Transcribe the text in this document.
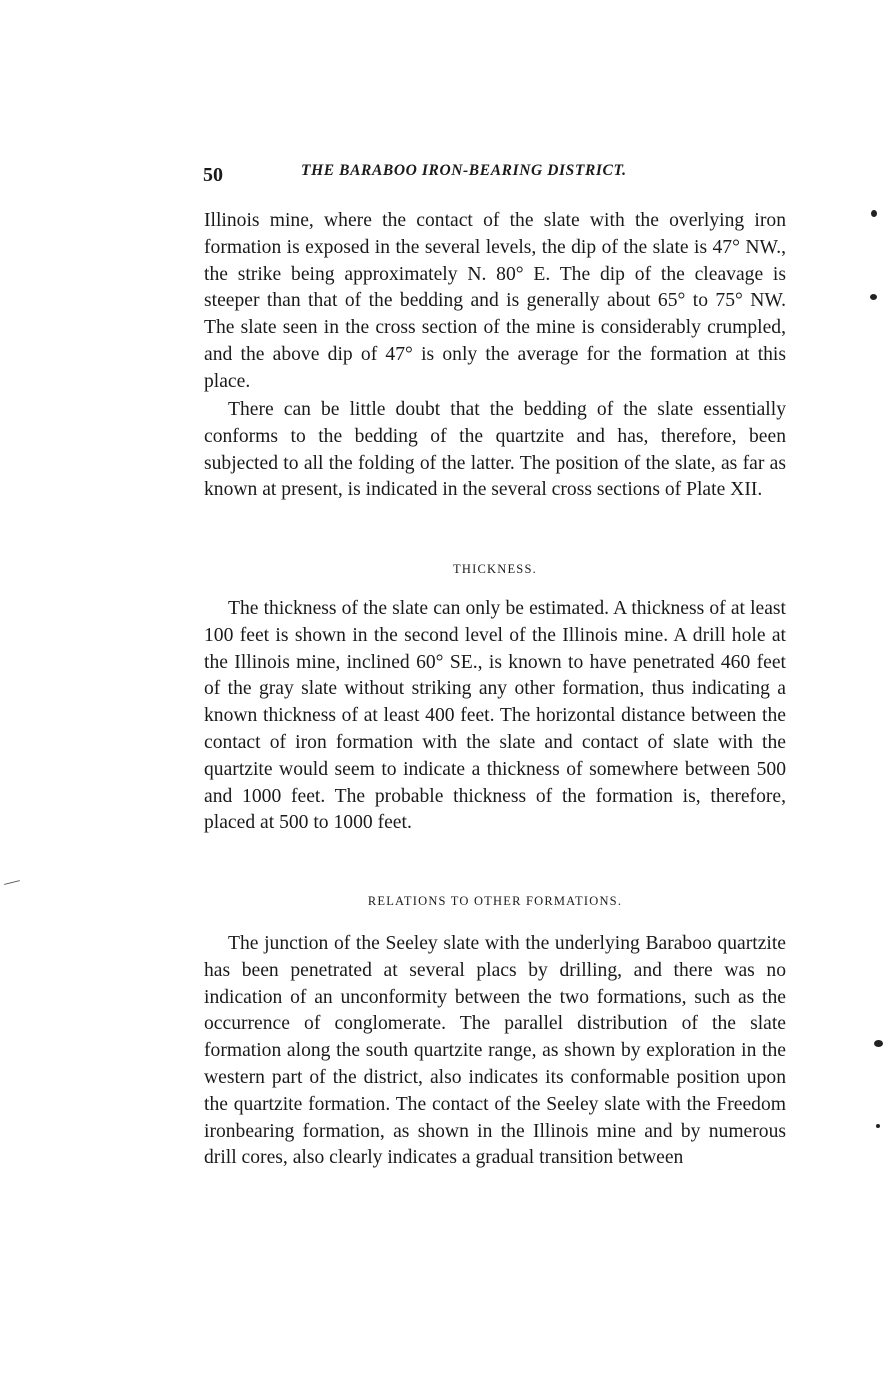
50	THE BARABOO IRON-BEARING DISTRICT.

Illinois mine, where the contact of the slate with the overlying iron formation is exposed in the several levels, the dip of the slate is 47° NW., the strike being approximately N. 80° E. The dip of the cleavage is steeper than that of the bedding and is generally about 65° to 75° NW. The slate seen in the cross section of the mine is considerably crumpled, and the above dip of 47° is only the average for the formation at this place.

There can be little doubt that the bedding of the slate essentially conforms to the bedding of the quartzite and has, therefore, been subjected to all the folding of the latter. The position of the slate, as far as known at present, is indicated in the several cross sections of Plate XII.

THICKNESS.

The thickness of the slate can only be estimated. A thickness of at least 100 feet is shown in the second level of the Illinois mine. A drill hole at the Illinois mine, inclined 60° SE., is known to have penetrated 460 feet of the gray slate without striking any other formation, thus indicating a known thickness of at least 400 feet. The horizontal distance between the contact of iron formation with the slate and contact of slate with the quartzite would seem to indicate a thickness of somewhere between 500 and 1000 feet. The probable thickness of the formation is, therefore, placed at 500 to 1000 feet.

RELATIONS TO OTHER FORMATIONS.

The junction of the Seeley slate with the underlying Baraboo quartzite has been penetrated at several placs by drilling, and there was no indication of an unconformity between the two formations, such as the occurrence of conglomerate. The parallel distribution of the slate formation along the south quartzite range, as shown by exploration in the western part of the district, also indicates its conformable position upon the quartzite formation. The contact of the Seeley slate with the Freedom ironbearing formation, as shown in the Illinois mine and by numerous drill cores, also clearly indicates a gradual transition between
